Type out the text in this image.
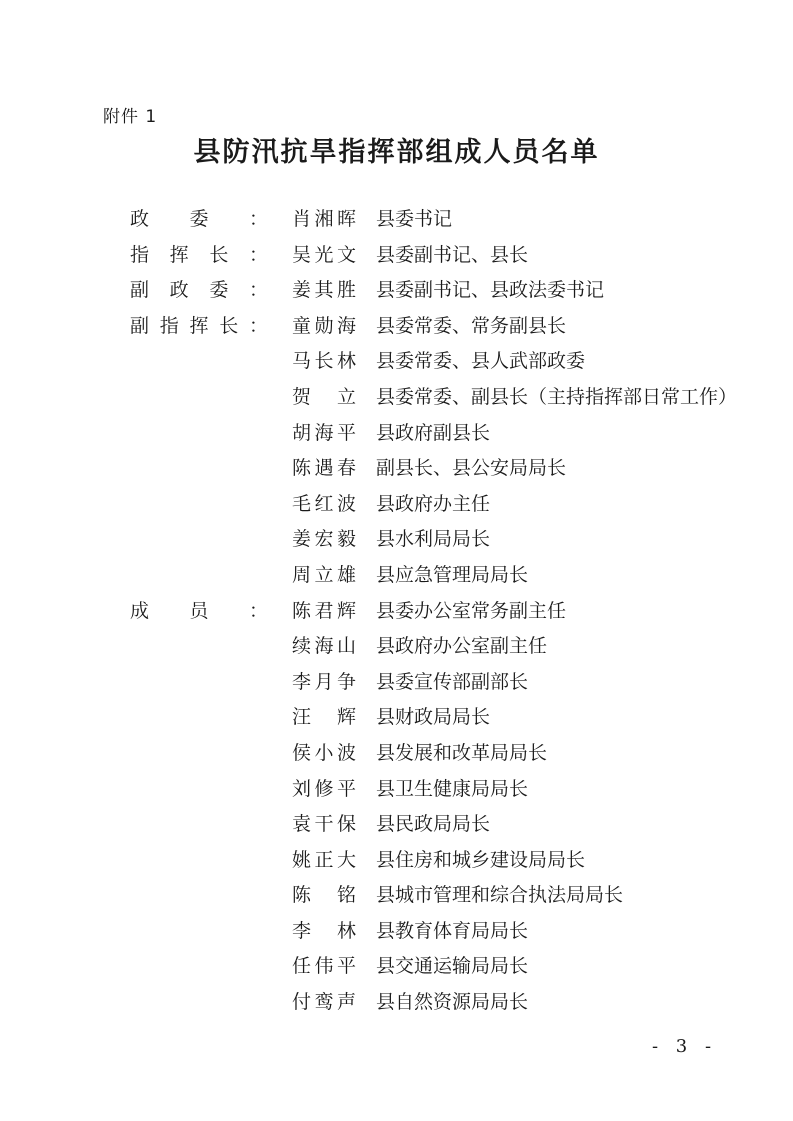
附件 1
县防汛抗旱指挥部组成人员名单
政 委 ： 肖 湘 晖 县委书记
指 挥 长 ： 吴 光 文 县委副书记、县长
副 政 委 ： 姜 其 胜 县委副书记、县政法委书记
副 指 挥 长 ： 童 勋 海 县委常委、常务副县长
马 长 林 县委常委、县人武部政委
贺 立 县委常委、副县长（主持指挥部日常工作）
胡 海 平 县政府副县长
陈 遇 春 副县长、县公安局局长
毛 红 波 县政府办主任
姜 宏 毅 县水利局局长
周 立 雄 县应急管理局局长
成 员 ： 陈 君 辉 县委办公室常务副主任
续 海 山 县政府办公室副主任
李 月 争 县委宣传部副部长
汪 辉 县财政局局长
侯 小 波 县发展和改革局局长
刘 修 平 县卫生健康局局长
袁 干 保 县民政局局长
姚 正 大 县住房和城乡建设局局长
陈 铭 县城市管理和综合执法局局长
李 林 县教育体育局局长
任 伟 平 县交通运输局局长
付 鸾 声 县自然资源局局长
- 3 -
